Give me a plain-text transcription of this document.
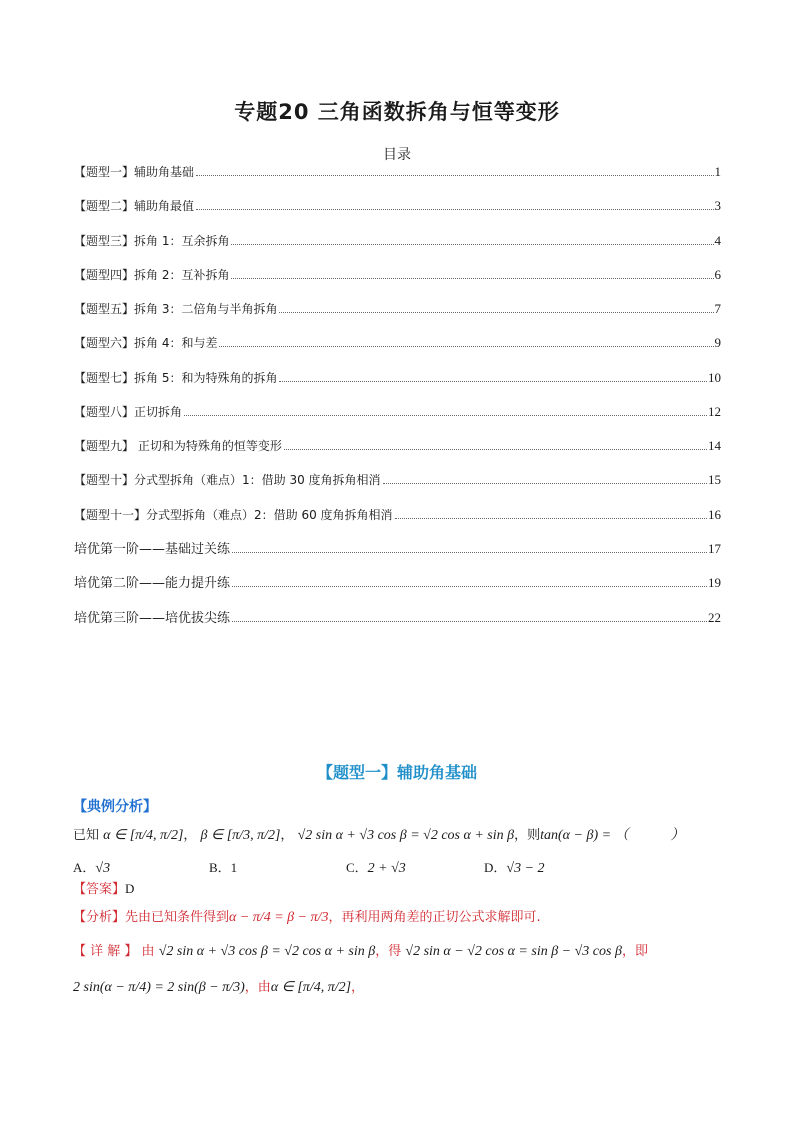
专题20 三角函数拆角与恒等变形
目录
【题型一】辅助角基础	1
【题型二】辅助角最值	3
【题型三】拆角 1：互余拆角	4
【题型四】拆角 2：互补拆角	6
【题型五】拆角 3：二倍角与半角拆角	7
【题型六】拆角 4：和与差	9
【题型七】拆角 5：和为特殊角的拆角	10
【题型八】正切拆角	12
【题型九】 正切和为特殊角的恒等变形	14
【题型十】分式型拆角（难点）1：借助 30 度角拆角相消	15
【题型十一】分式型拆角（难点）2：借助 60 度角拆角相消	16
培优第一阶——基础过关练	17
培优第二阶——能力提升练	19
培优第三阶——培优拔尖练	22
【题型一】辅助角基础
【典例分析】
已知 α ∈ [π/4, π/2]， β ∈ [π/3, π/2]， √2 sin α + √3 cos β = √2 cos α + sin β，则tan(α − β) = （　　　）
A．√3	B．1	C．2 + √3	D．√3 − 2
【答案】D
【分析】先由已知条件得到α − π/4 = β − π/3，再利用两角差的正切公式求解即可.
【 详 解 】 由 √2 sin α + √3 cos β = √2 cos α + sin β，得 √2 sin α − √2 cos α = sin β − √3 cos β，即
2 sin(α − π/4) = 2 sin(β − π/3)，由α ∈ [π/4, π/2]，
